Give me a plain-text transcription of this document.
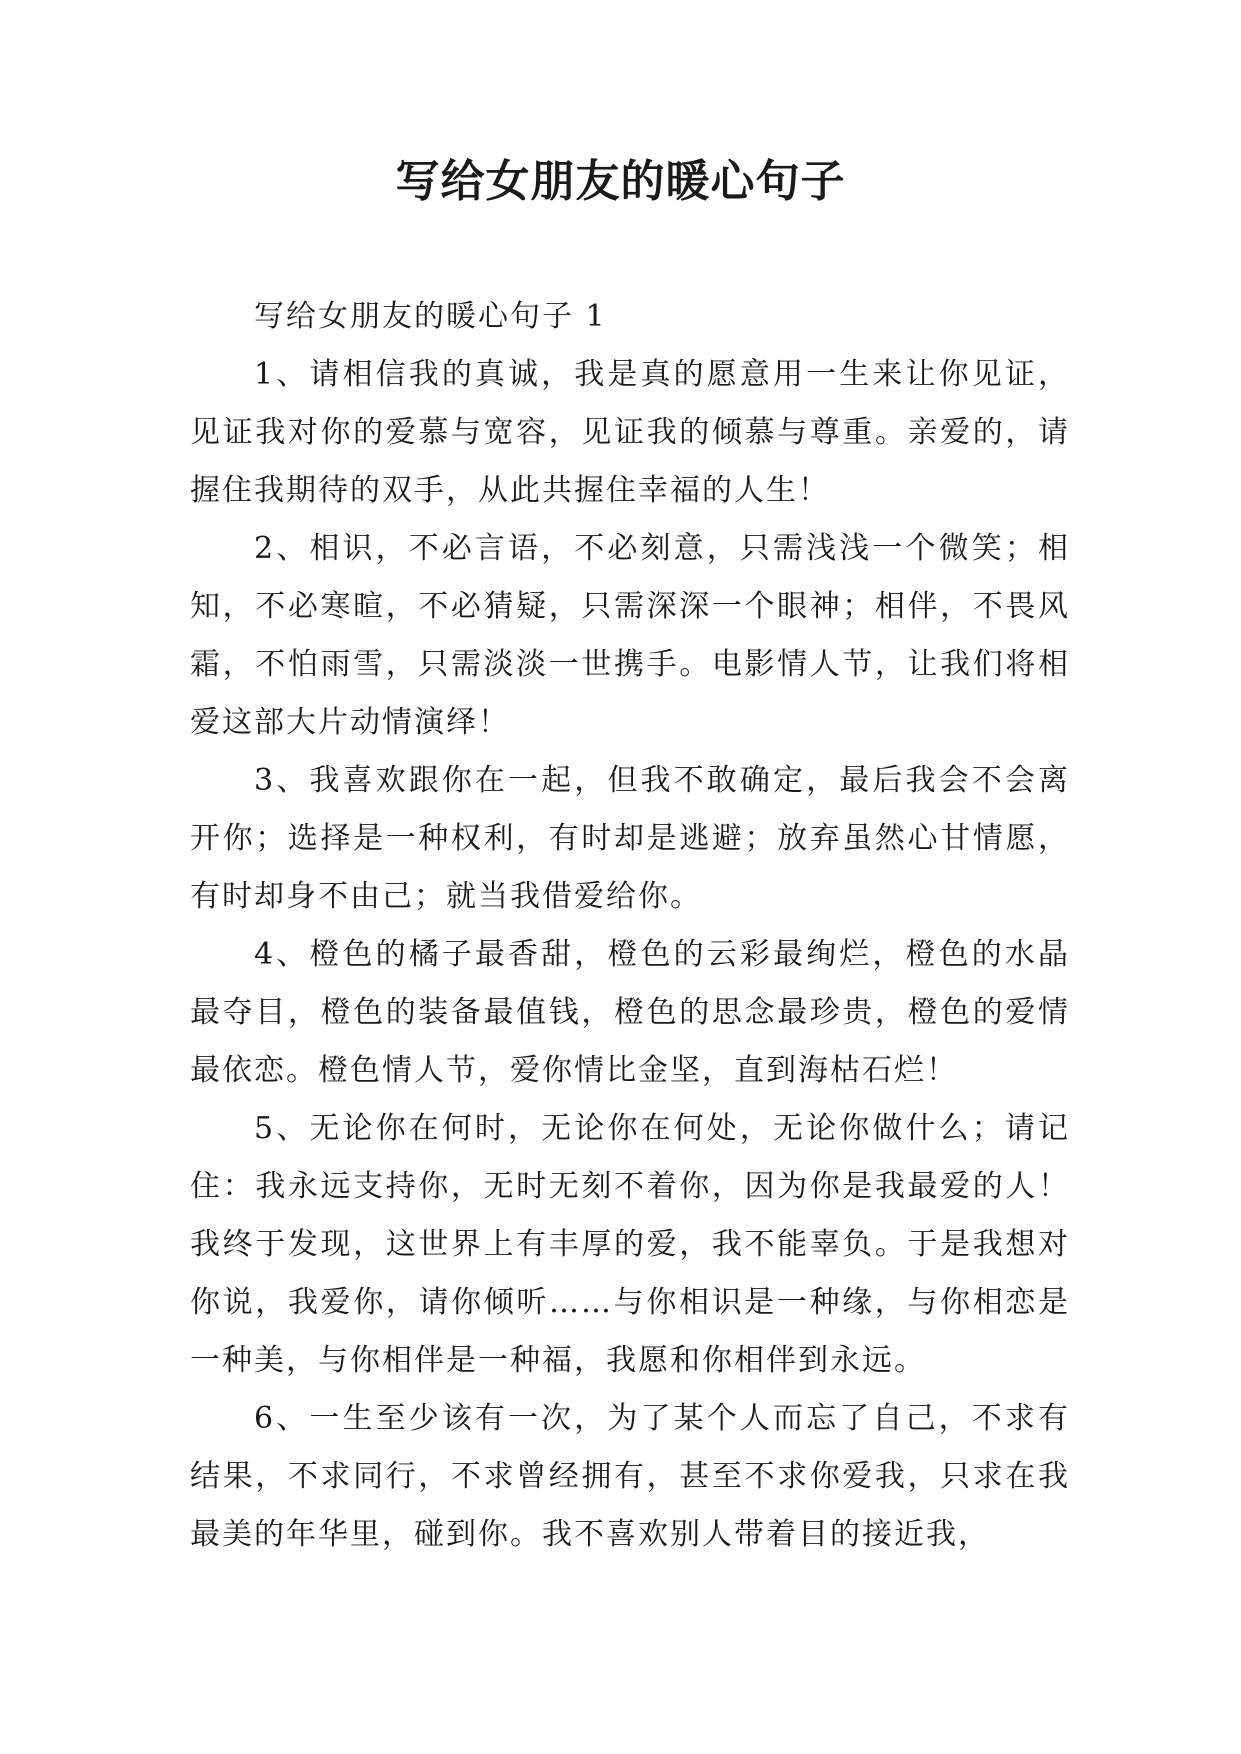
写给女朋友的暖心句子

写给女朋友的暖心句子 1

1、请相信我的真诚，我是真的愿意用一生来让你见证，见证我对你的爱慕与宽容，见证我的倾慕与尊重。亲爱的，请握住我期待的双手，从此共握住幸福的人生！

2、相识，不必言语，不必刻意，只需浅浅一个微笑；相知，不必寒暄，不必猜疑，只需深深一个眼神；相伴，不畏风霜，不怕雨雪，只需淡淡一世携手。电影情人节，让我们将相爱这部大片动情演绎！

3、我喜欢跟你在一起，但我不敢确定，最后我会不会离开你；选择是一种权利，有时却是逃避；放弃虽然心甘情愿，有时却身不由己；就当我借爱给你。

4、橙色的橘子最香甜，橙色的云彩最绚烂，橙色的水晶最夺目，橙色的装备最值钱，橙色的思念最珍贵，橙色的爱情最依恋。橙色情人节，爱你情比金坚，直到海枯石烂！

5、无论你在何时，无论你在何处，无论你做什么；请记住：我永远支持你，无时无刻不着你，因为你是我最爱的人！我终于发现，这世界上有丰厚的爱，我不能辜负。于是我想对你说，我爱你，请你倾听……与你相识是一种缘，与你相恋是一种美，与你相伴是一种福，我愿和你相伴到永远。

6、一生至少该有一次，为了某个人而忘了自己，不求有结果，不求同行，不求曾经拥有，甚至不求你爱我，只求在我最美的年华里，碰到你。我不喜欢别人带着目的接近我，
